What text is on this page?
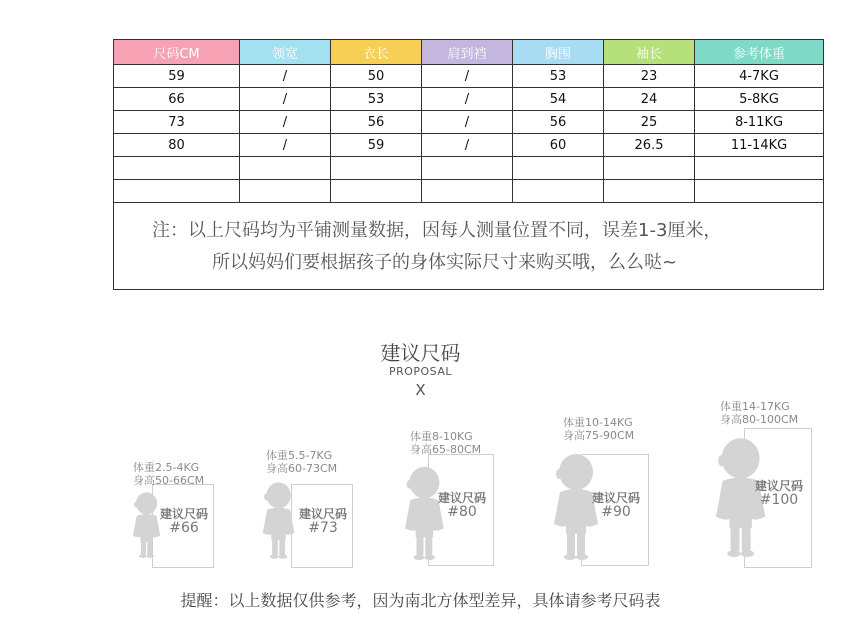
尺码CM	领宽	衣长	肩到裆	胸围	袖长	参考体重
59	/	50	/	53	23	4-7KG
66	/	53	/	54	24	5-8KG
73	/	56	/	56	25	8-11KG
80	/	59	/	60	26.5	11-14KG

注：以上尺码均为平铺测量数据，因每人测量位置不同，误差1-3厘米，
所以妈妈们要根据孩子的身体实际尺寸来购买哦，么么哒~						
建议尺码
PROPOSAL
X
体重2.5-4KG
身高50-66CM
建议尺码
#66
体重5.5-7KG
身高60-73CM
建议尺码
#73
体重8-10KG
身高65-80CM
建议尺码
#80
体重10-14KG
身高75-90CM
建议尺码
#90
体重14-17KG
身高80-100CM
建议尺码
#100
提醒：以上数据仅供参考，因为南北方体型差异，具体请参考尺码表
